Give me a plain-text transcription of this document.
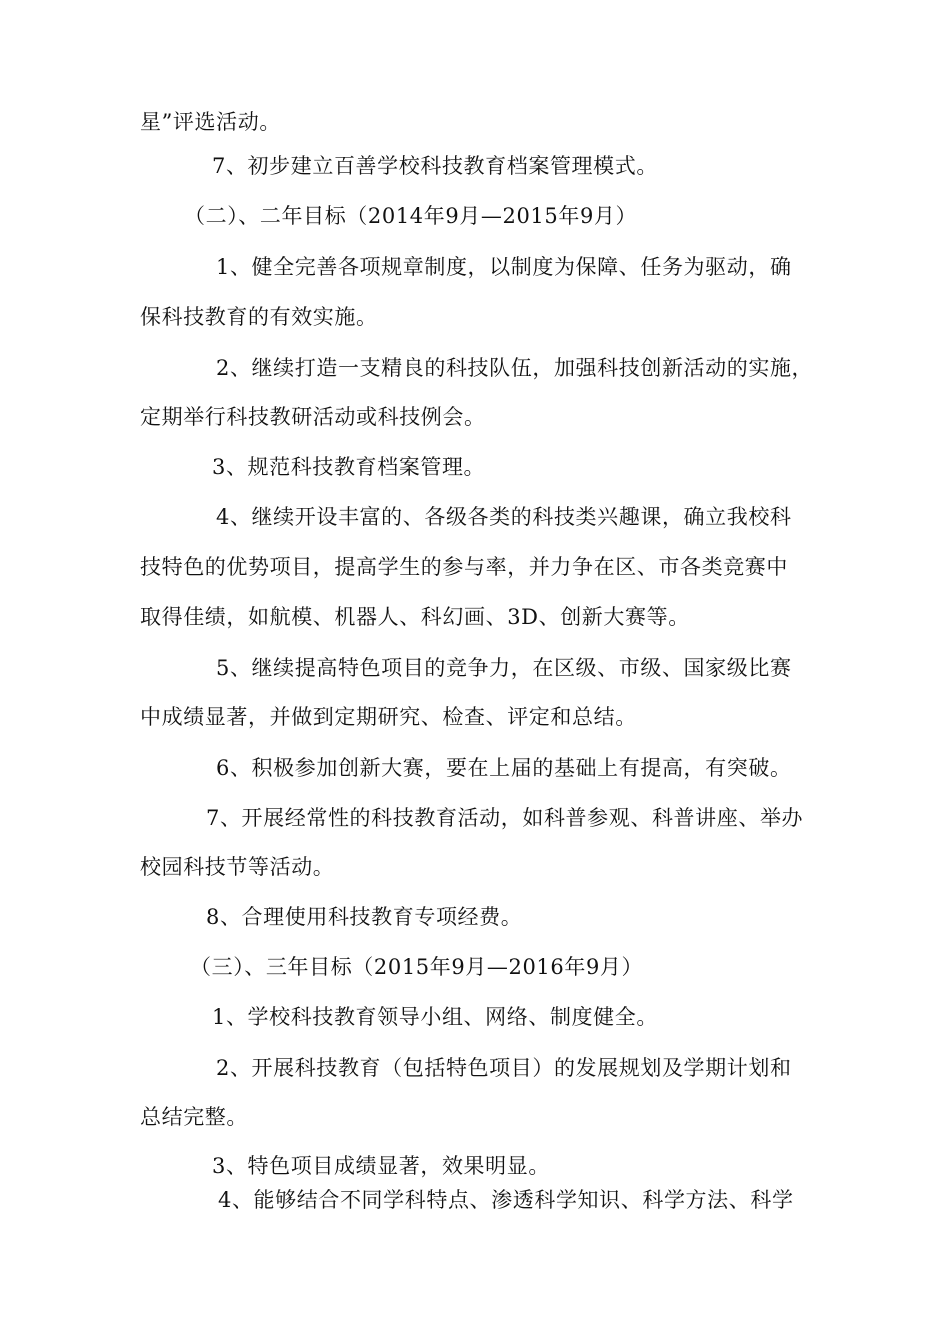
星”评选活动。
7、初步建立百善学校科技教育档案管理模式。
（二）、二年目标（2014年9月—2015年9月）
1、健全完善各项规章制度，以制度为保障、任务为驱动，确
保科技教育的有效实施。
2、继续打造一支精良的科技队伍，加强科技创新活动的实施，
定期举行科技教研活动或科技例会。
3、规范科技教育档案管理。
4、继续开设丰富的、各级各类的科技类兴趣课，确立我校科
技特色的优势项目，提高学生的参与率，并力争在区、市各类竞赛中
取得佳绩，如航模、机器人、科幻画、3D、创新大赛等。
5、继续提高特色项目的竞争力，在区级、市级、国家级比赛
中成绩显著，并做到定期研究、检查、评定和总结。
6、积极参加创新大赛，要在上届的基础上有提高，有突破。
7、开展经常性的科技教育活动，如科普参观、科普讲座、举办
校园科技节等活动。
8、合理使用科技教育专项经费。
（三）、三年目标（2015年9月—2016年9月）
1、学校科技教育领导小组、网络、制度健全。
2、开展科技教育（包括特色项目）的发展规划及学期计划和
总结完整。
3、特色项目成绩显著，效果明显。
4、能够结合不同学科特点、渗透科学知识、科学方法、科学
